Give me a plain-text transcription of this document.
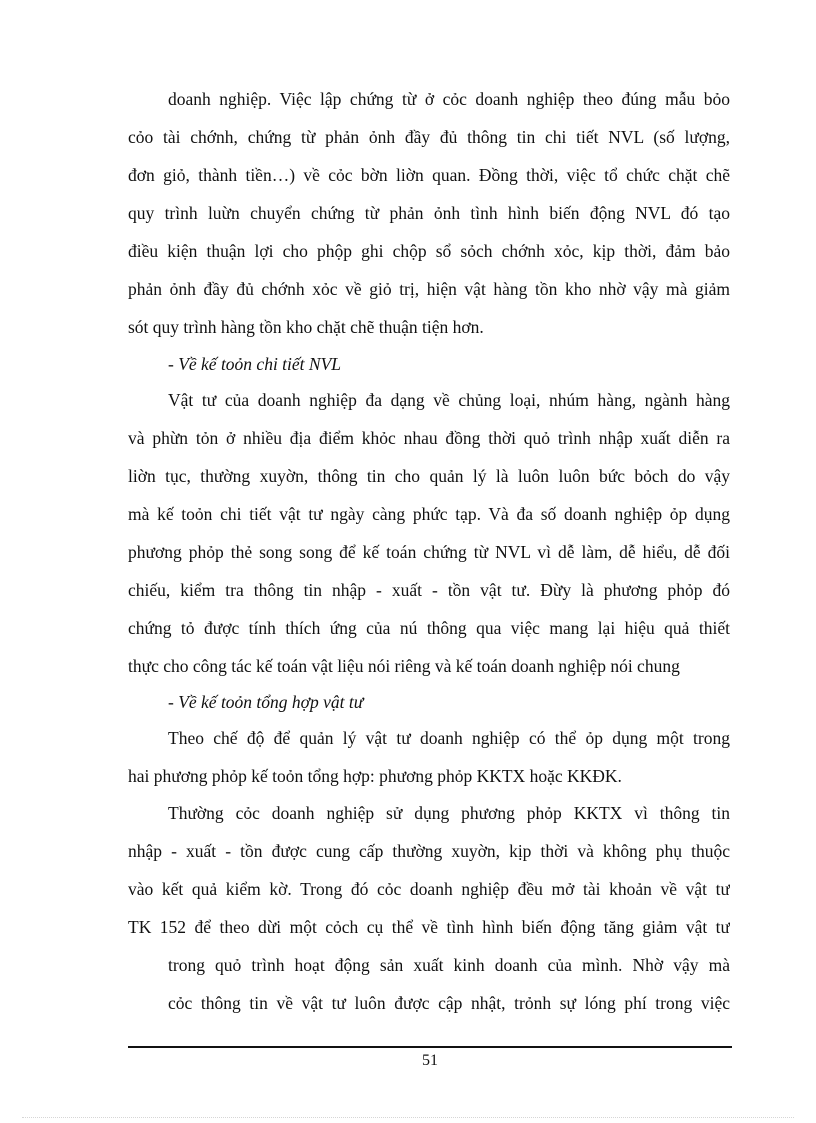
doanh nghiệp. Việc lập chứng từ ở cỏc doanh nghiệp theo đúng mẫu bỏo
cỏo tài chớnh, chứng từ phản ỏnh đầy đủ thông tin chi tiết NVL (số lượng,
đơn giỏ, thành tiền…) về cỏc bờn liờn quan. Đồng thời, việc tổ chức chặt chẽ
quy trình luừn chuyển chứng từ phản ỏnh tình hình biến động NVL đó tạo
điều kiện thuận lợi cho phộp ghi chộp sổ sỏch chớnh xỏc, kịp thời, đảm bảo
phản ỏnh đầy đủ chớnh xỏc về giỏ trị, hiện vật hàng tồn kho nhờ vậy mà giảm
sót quy trình hàng tồn kho chặt chẽ thuận tiện hơn.
- Về kế toỏn chi tiết NVL
Vật tư của doanh nghiệp đa dạng về chủng loại, nhúm hàng, ngành hàng
và phừn tỏn ở nhiều địa điểm khỏc nhau đồng thời quỏ trình nhập xuất diễn ra
liờn tục, thường xuyờn, thông tin cho quản lý là luôn luôn bức bỏch do vậy
mà kế toỏn chi tiết vật tư ngày càng phức tạp. Và đa số doanh nghiệp ỏp dụng
phương phỏp thẻ song song để kế toán chứng từ NVL vì dễ làm, dễ hiểu, dễ đối
chiếu, kiểm tra thông tin nhập - xuất - tồn vật tư. Đừy là phương phỏp đó
chứng tỏ được tính thích ứng của nú thông qua việc mang lại hiệu quả thiết
thực cho công tác kế toán vật liệu nói riêng và kế toán doanh nghiệp nói chung
- Về kế toỏn tổng hợp vật tư
Theo chế độ để quản lý vật tư doanh nghiệp có thể ỏp dụng một trong
hai phương phỏp kế toỏn tổng hợp: phương phỏp KKTX hoặc KKĐK.
Thường cỏc doanh nghiệp sử dụng phương phỏp KKTX vì thông tin
nhập - xuất - tồn được cung cấp thường xuyờn, kịp thời và không phụ thuộc
vào kết quả kiểm kờ. Trong đó cỏc doanh nghiệp đều mở tài khoản về vật tư
TK 152 để theo dừi một cỏch cụ thể về tình hình biến động tăng giảm vật tư
trong quỏ trình hoạt động sản xuất kinh doanh của mình. Nhờ vậy mà
cỏc thông tin về vật tư luôn được cập nhật, trỏnh sự lóng phí trong việc
51
